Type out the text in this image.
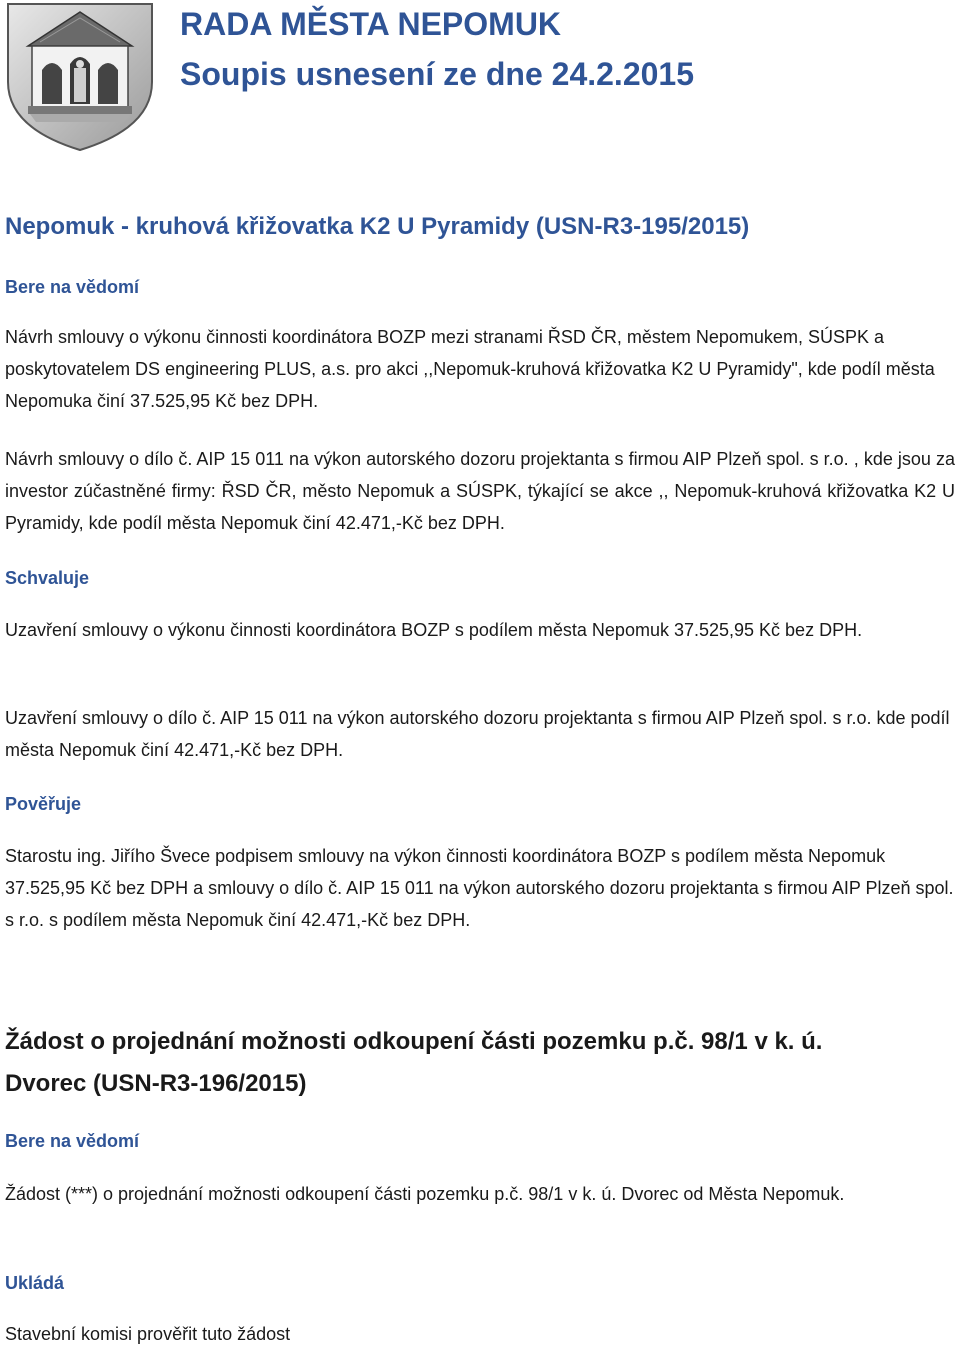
RADA MĚSTA NEPOMUK
Soupis usnesení ze dne 24.2.2015
Nepomuk - kruhová křižovatka K2 U Pyramidy (USN-R3-195/2015)
Bere na vědomí
Návrh smlouvy o výkonu činnosti koordinátora BOZP mezi stranami ŘSD ČR, městem Nepomukem, SÚSPK a poskytovatelem DS engineering PLUS, a.s. pro akci ,,Nepomuk-kruhová křižovatka K2 U Pyramidy", kde podíl města Nepomuka činí 37.525,95 Kč bez DPH.
Návrh smlouvy o dílo č. AIP 15 011 na výkon autorského dozoru projektanta s firmou AIP Plzeň spol. s r.o. , kde jsou za investor zúčastněné firmy: ŘSD ČR, město Nepomuk a SÚSPK, týkající se akce ,, Nepomuk-kruhová křižovatka K2 U Pyramidy, kde podíl města Nepomuk činí 42.471,-Kč bez DPH.
Schvaluje
Uzavření smlouvy o výkonu činnosti koordinátora BOZP s podílem města Nepomuk 37.525,95 Kč bez DPH.
Uzavření smlouvy o dílo č. AIP 15 011 na výkon autorského dozoru projektanta s firmou AIP Plzeň spol. s r.o. kde podíl města Nepomuk činí 42.471,-Kč bez DPH.
Pověřuje
Starostu ing. Jiřího Švece podpisem smlouvy na výkon činnosti koordinátora BOZP s podílem města Nepomuk 37.525,95 Kč bez DPH a smlouvy o dílo č. AIP 15 011 na výkon autorského dozoru projektanta s firmou AIP Plzeň spol. s r.o. s podílem města Nepomuk činí 42.471,-Kč bez DPH.
Žádost o projednání možnosti odkoupení části pozemku p.č. 98/1 v k. ú.
Dvorec (USN-R3-196/2015)
Bere na vědomí
Žádost (***) o projednání možnosti odkoupení části pozemku p.č. 98/1 v k. ú. Dvorec od Města Nepomuk.
Ukládá
Stavební komisi prověřit tuto žádost
